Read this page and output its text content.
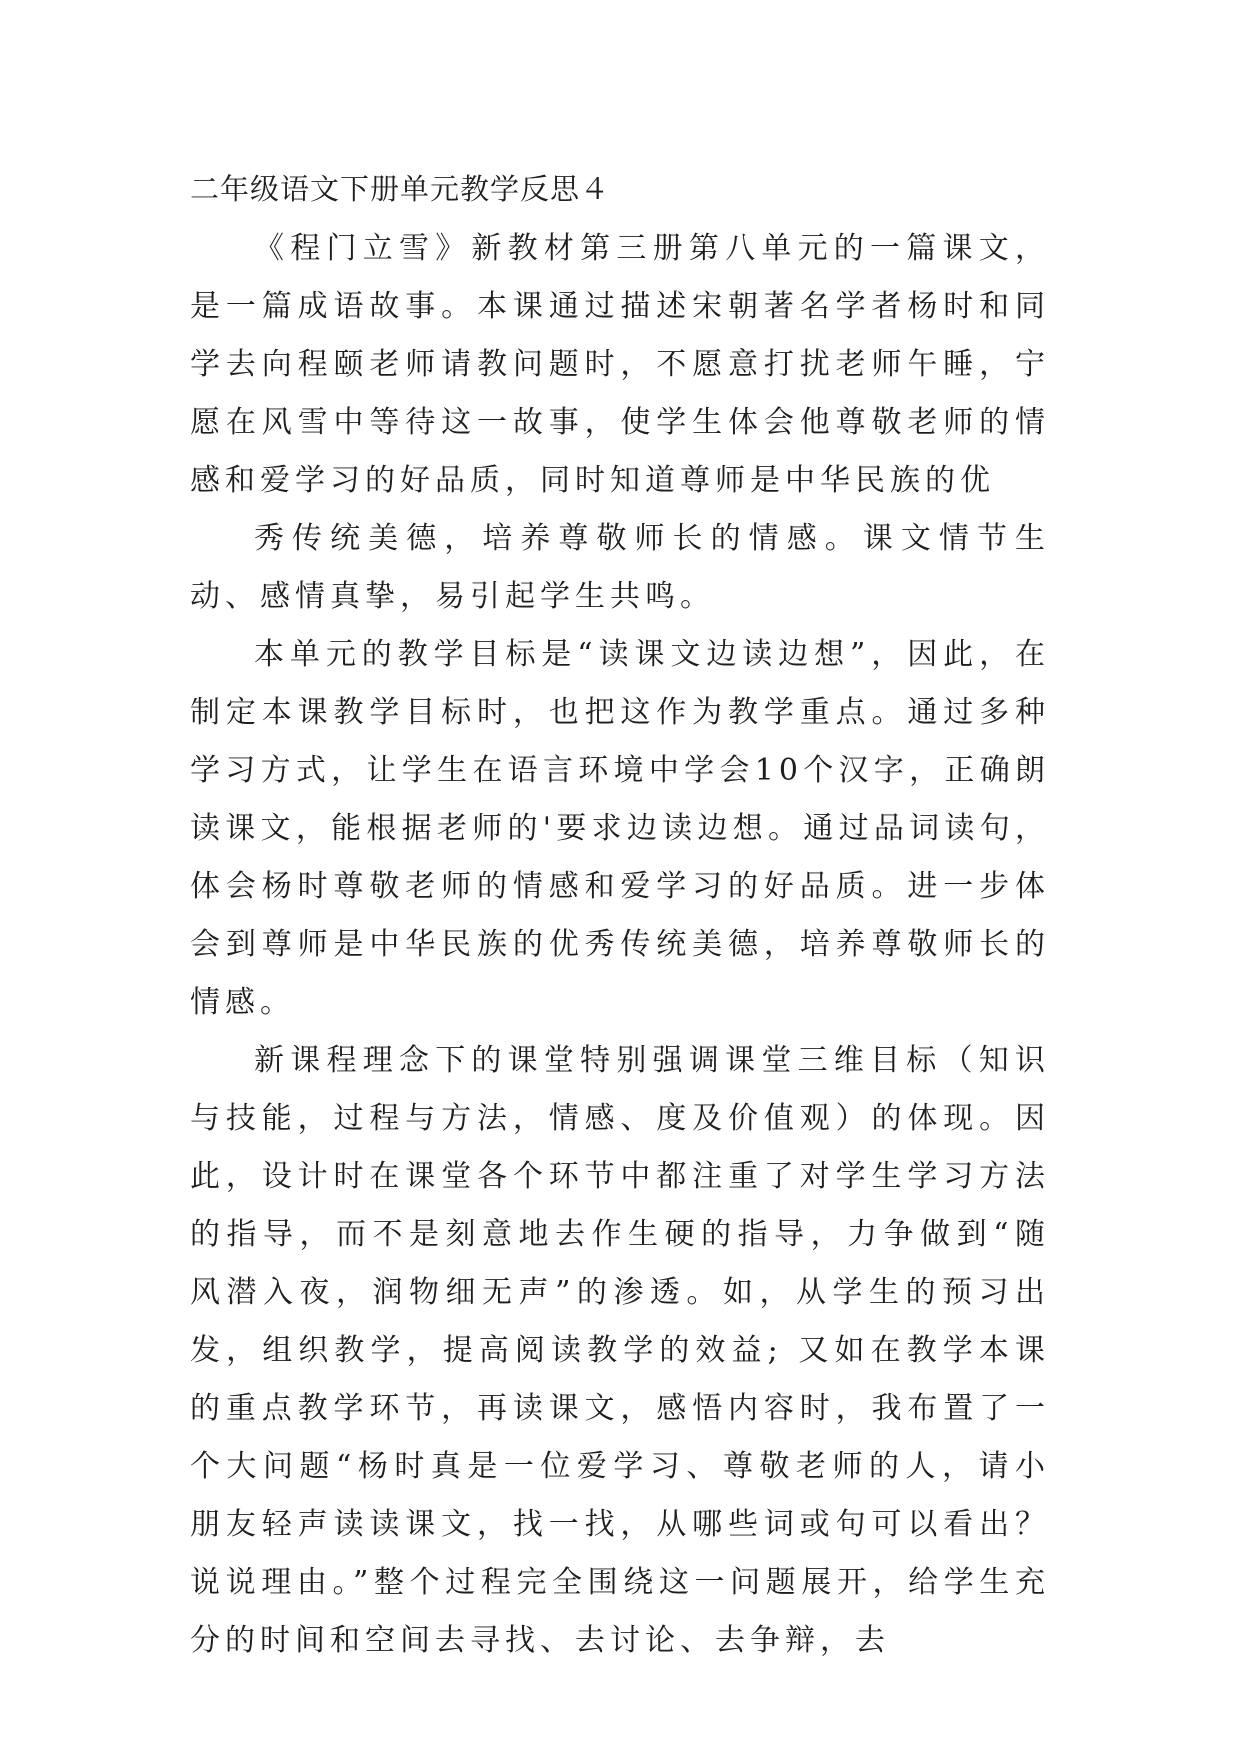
二年级语文下册单元教学反思４

《程门立雪》新教材第三册第八单元的一篇课文，是一篇成语故事。本课通过描述宋朝著名学者杨时和同学去向程颐老师请教问题时，不愿意打扰老师午睡，宁愿在风雪中等待这一故事，使学生体会他尊敬老师的情感和爱学习的好品质，同时知道尊师是中华民族的优

秀传统美德，培养尊敬师长的情感。课文情节生动、感情真挚，易引起学生共鸣。

本单元的教学目标是“读课文边读边想”，因此，在制定本课教学目标时，也把这作为教学重点。通过多种学习方式，让学生在语言环境中学会10个汉字，正确朗读课文，能根据老师的'要求边读边想。通过品词读句，体会杨时尊敬老师的情感和爱学习的好品质。进一步体会到尊师是中华民族的优秀传统美德，培养尊敬师长的情感。

新课程理念下的课堂特别强调课堂三维目标（知识与技能，过程与方法，情感、度及价值观）的体现。因此，设计时在课堂各个环节中都注重了对学生学习方法的指导，而不是刻意地去作生硬的指导，力争做到“随风潜入夜，润物细无声”的渗透。如，从学生的预习出发，组织教学，提高阅读教学的效益; 又如在教学本课的重点教学环节，再读课文，感悟内容时，我布置了一个大问题“杨时真是一位爱学习、尊敬老师的人，请小朋友轻声读读课文，找一找，从哪些词或句可以看出？说说理由。”整个过程完全围绕这一问题展开，给学生充分的时间和空间去寻找、去讨论、去争辩，去
